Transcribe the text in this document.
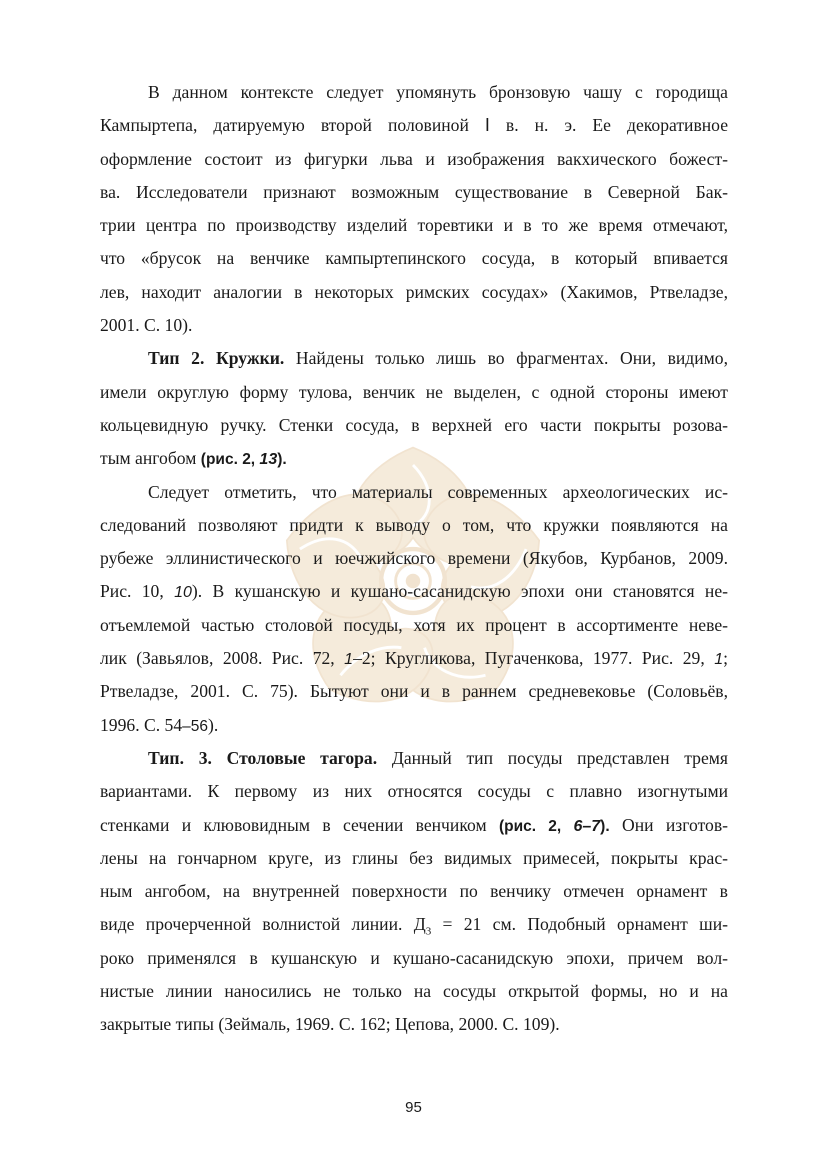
В данном контексте следует упомянуть бронзовую чашу с городища
Кампыртепа, датируемую второй половиной I в. н. э. Ее декоративное
оформление состоит из фигурки льва и изображения вакхического божест-
ва. Исследователи признают возможным существование в Северной Бак-
трии центра по производству изделий торевтики и в то же время отмечают,
что «брусок на венчике кампыртепинского сосуда, в который впивается
лев, находит аналогии в некоторых римских сосудах» (Хакимов, Ртвеладзе,
2001. С. 10).
Тип 2. Кружки. Найдены только лишь во фрагментах. Они, видимо,
имели округлую форму тулова, венчик не выделен, с одной стороны имеют
кольцевидную ручку. Стенки сосуда, в верхней его части покрыты розова-
тым ангобом (рис. 2, 13).
Следует отметить, что материалы современных археологических ис-
следований позволяют придти к выводу о том, что кружки появляются на
рубеже эллинистического и юечжийского времени (Якубов, Курбанов, 2009.
Рис. 10, 10). В кушанскую и кушано-сасанидскую эпохи они становятся не-
отъемлемой частью столовой посуды, хотя их процент в ассортименте неве-
лик (Завьялов, 2008. Рис. 72, 1–2; Кругликова, Пугаченкова, 1977. Рис. 29, 1;
Ртвеладзе, 2001. С. 75). Бытуют они и в раннем средневековье (Соловьёв,
1996. С. 54–56).
Тип. 3. Столовые тагора. Данный тип посуды представлен тремя
вариантами. К первому из них относятся сосуды с плавно изогнутыми
стенками и клювовидным в сечении венчиком (рис. 2, 6–7). Они изготов-
лены на гончарном круге, из глины без видимых примесей, покрыты крас-
ным ангобом, на внутренней поверхности по венчику отмечен орнамент в
виде прочерченной волнистой линии. $Д_3 = 21$ см. Подобный орнамент ши-
роко применялся в кушанскую и кушано-сасанидскую эпохи, причем вол-
нистые линии наносились не только на сосуды открытой формы, но и на
закрытые типы (Зеймаль, 1969. С. 162; Цепова, 2000. С. 109).
95
